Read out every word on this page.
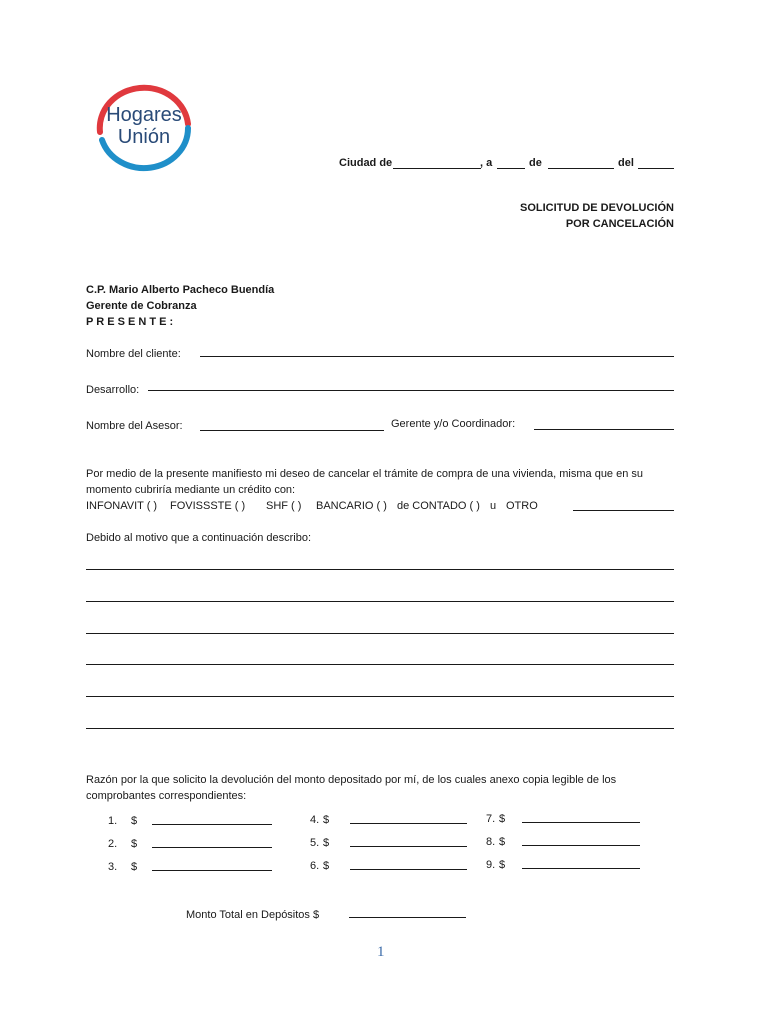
Hogares
Unión
Ciudad de	, a	de	del
SOLICITUD DE DEVOLUCIÓN
POR CANCELACIÓN
C.P. Mario Alberto Pacheco Buendía
Gerente de Cobranza
P R E S E N T E :
Nombre del cliente:
Desarrollo:
Nombre del Asesor:	Gerente y/o Coordinador:
Por medio de la presente manifiesto mi deseo de cancelar el trámite de compra de una vivienda, misma que en su
momento cubriría mediante un crédito con:
INFONAVIT ( ) FOVISSSTE ( ) SHF ( ) BANCARIO ( ) de CONTADO ( ) u OTRO
Debido al motivo que a continuación describo:
Razón por la que solicito la devolución del monto depositado por mí, de los cuales anexo copia legible de los
comprobantes correspondientes:
1. $
2. $
3. $
4. $
5. $
6. $
7. $
8. $
9. $
Monto Total en Depósitos $
1
